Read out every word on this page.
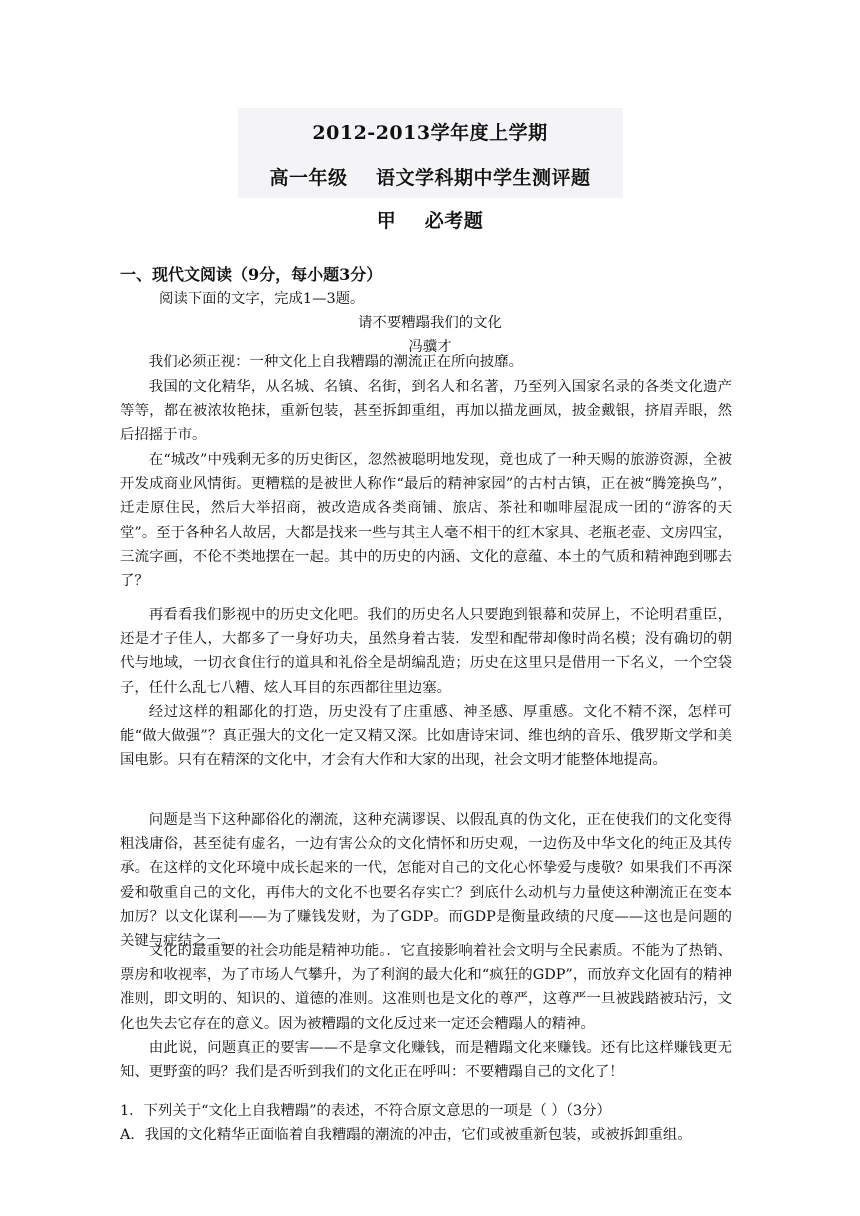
2012-2013学年度上学期
高一年级    语文学科期中学生测评题
甲    必考题
一、现代文阅读（9分，每小题3分）
阅读下面的文字，完成1—3题。
请不要糟蹋我们的文化
冯骥才
我们必须正视：一种文化上自我糟蹋的潮流正在所向披靡。
我国的文化精华，从名城、名镇、名街，到名人和名著，乃至列入国家名录的各类文化遗产等等，都在被浓妆艳抹，重新包装，甚至拆卸重组，再加以描龙画凤，披金戴银，挤眉弄眼，然后招摇于市。
在“城改”中残剩无多的历史街区，忽然被聪明地发现，竟也成了一种天赐的旅游资源，全被开发成商业风情街。更糟糕的是被世人称作“最后的精神家园”的古村古镇，正在被“腾笼换鸟”，迁走原住民，然后大举招商，被改造成各类商铺、旅店、茶社和咖啡屋混成一团的“游客的天堂”。至于各种名人故居，大都是找来一些与其主人毫不相干的红木家具、老瓶老壶、文房四宝，三流字画，不伦不类地摆在一起。其中的历史的内涵、文化的意蕴、本土的气质和精神跑到哪去了？
再看看我们影视中的历史文化吧。我们的历史名人只要跑到银幕和荧屏上，不论明君重臣，还是才子佳人，大都多了一身好功夫，虽然身着古装．发型和配带却像时尚名模；没有确切的朝代与地域，一切衣食住行的道具和礼俗全是胡编乱造；历史在这里只是借用一下名义，一个空袋子，任什么乱七八糟、炫人耳目的东西都往里边塞。
经过这样的粗鄙化的打造，历史没有了庄重感、神圣感、厚重感。文化不精不深，怎样可能“做大做强”？真正强大的文化一定又精又深。比如唐诗宋词、维也纳的音乐、俄罗斯文学和美国电影。只有在精深的文化中，才会有大作和大家的出现，社会文明才能整体地提高。
问题是当下这种鄙俗化的潮流，这种充满谬误、以假乱真的伪文化，正在使我们的文化变得粗浅庸俗，甚至徒有虚名，一边有害公众的文化情怀和历史观，一边伤及中华文化的纯正及其传承。在这样的文化环境中成长起来的一代，怎能对自己的文化心怀挚爱与虔敬？如果我们不再深爱和敬重自己的文化，再伟大的文化不也要名存实亡？到底什么动机与力量使这种潮流正在变本加厉？以文化谋利——为了赚钱发财，为了GDP。而GDP是衡量政绩的尺度——这也是问题的关键与症结之一。
文化的最重要的社会功能是精神功能。．它直接影响着社会文明与全民素质。不能为了热销、票房和收视率，为了市场人气攀升，为了利润的最大化和“疯狂的GDP”，而放弃文化固有的精神准则，即文明的、知识的、道德的准则。这准则也是文化的尊严，这尊严一旦被践踏被玷污，文化也失去它存在的意义。因为被糟蹋的文化反过来一定还会糟蹋人的精神。
由此说，问题真正的要害——不是拿文化赚钱，而是糟蹋文化来赚钱。还有比这样赚钱更无知、更野蛮的吗？我们是否听到我们的文化正在呼叫：不要糟蹋自己的文化了！
1．下列关于“文化上自我糟蹋”的表述，不符合原文意思的一项是（ ）（3分）
A．我国的文化精华正面临着自我糟蹋的潮流的冲击，它们或被重新包装，或被拆卸重组。
